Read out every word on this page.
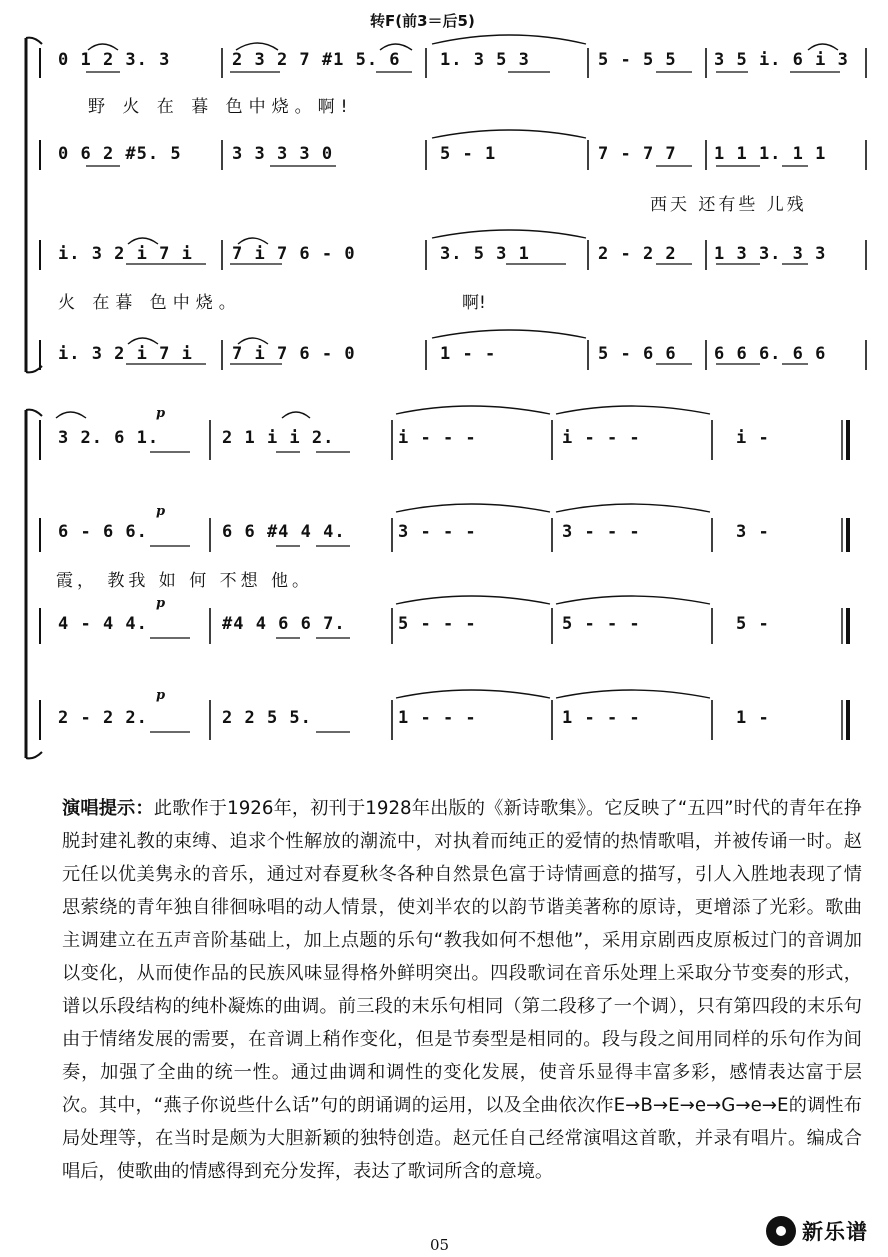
转F(前3＝后5)
0 1 2 3. 3	2 3 2 7 #1 5. 6 1. 3 5 3	5 - 5 5 3 5 i. 6 i 3
野 火 在 暮 色中烧。啊!
0 6 2 #5. 5	3 3 3 3 0	5 - 1	7 - 7 7 1 1 1. 1 1
西天 还有些 儿残
i. 3 2 i 7 i 7 i 7 6 - 0	3. 5 3 1	2 - 2 2 1 3 3. 3 3
火 在暮 色中烧。	啊!
i. 3 2 i 7 i 7 i 7 6 - 0	1 - -	5 - 6 6 6 6 6. 6 6
p
p
p
p
3 2. 6 1.	2 1 i i 2.	i - - -	i - - -	i -
6 - 6 6.	6 6 #4 4 4.	3 - - -	3 - - -	3 -
霞， 教我 如 何 不想 他。
4 - 4 4.	#4 4 6 6 7.	5 - - -	5 - - -	5 -
2 - 2 2.	2 2 5 5.	1 - - -	1 - - -	1 -

演唱提示：此歌作于1926年，初刊于1928年出版的《新诗歌集》。它反映了“五四”时代的青年在挣脱封建礼教的束缚、追求个性解放的潮流中，对执着而纯正的爱情的热情歌唱，并被传诵一时。赵元任以优美隽永的音乐，通过对春夏秋冬各种自然景色富于诗情画意的描写，引人入胜地表现了情思萦绕的青年独自徘徊咏唱的动人情景，使刘半农的以韵节谐美著称的原诗，更增添了光彩。歌曲主调建立在五声音阶基础上，加上点题的乐句“教我如何不想他”，采用京剧西皮原板过门的音调加以变化，从而使作品的民族风味显得格外鲜明突出。四段歌词在音乐处理上采取分节变奏的形式，谱以乐段结构的纯朴凝炼的曲调。前三段的末乐句相同（第二段移了一个调），只有第四段的末乐句由于情绪发展的需要，在音调上稍作变化，但是节奏型是相同的。段与段之间用同样的乐句作为间奏，加强了全曲的统一性。通过曲调和调性的变化发展，使音乐显得丰富多彩，感情表达富于层次。其中，“燕子你说些什么话”句的朗诵调的运用，以及全曲依次作E→B→E→e→G→e→E的调性布局处理等，在当时是颇为大胆新颖的独特创造。赵元任自己经常演唱这首歌，并录有唱片。编成合唱后，使歌曲的情感得到充分发挥，表达了歌词所含的意境。

05
新乐谱
